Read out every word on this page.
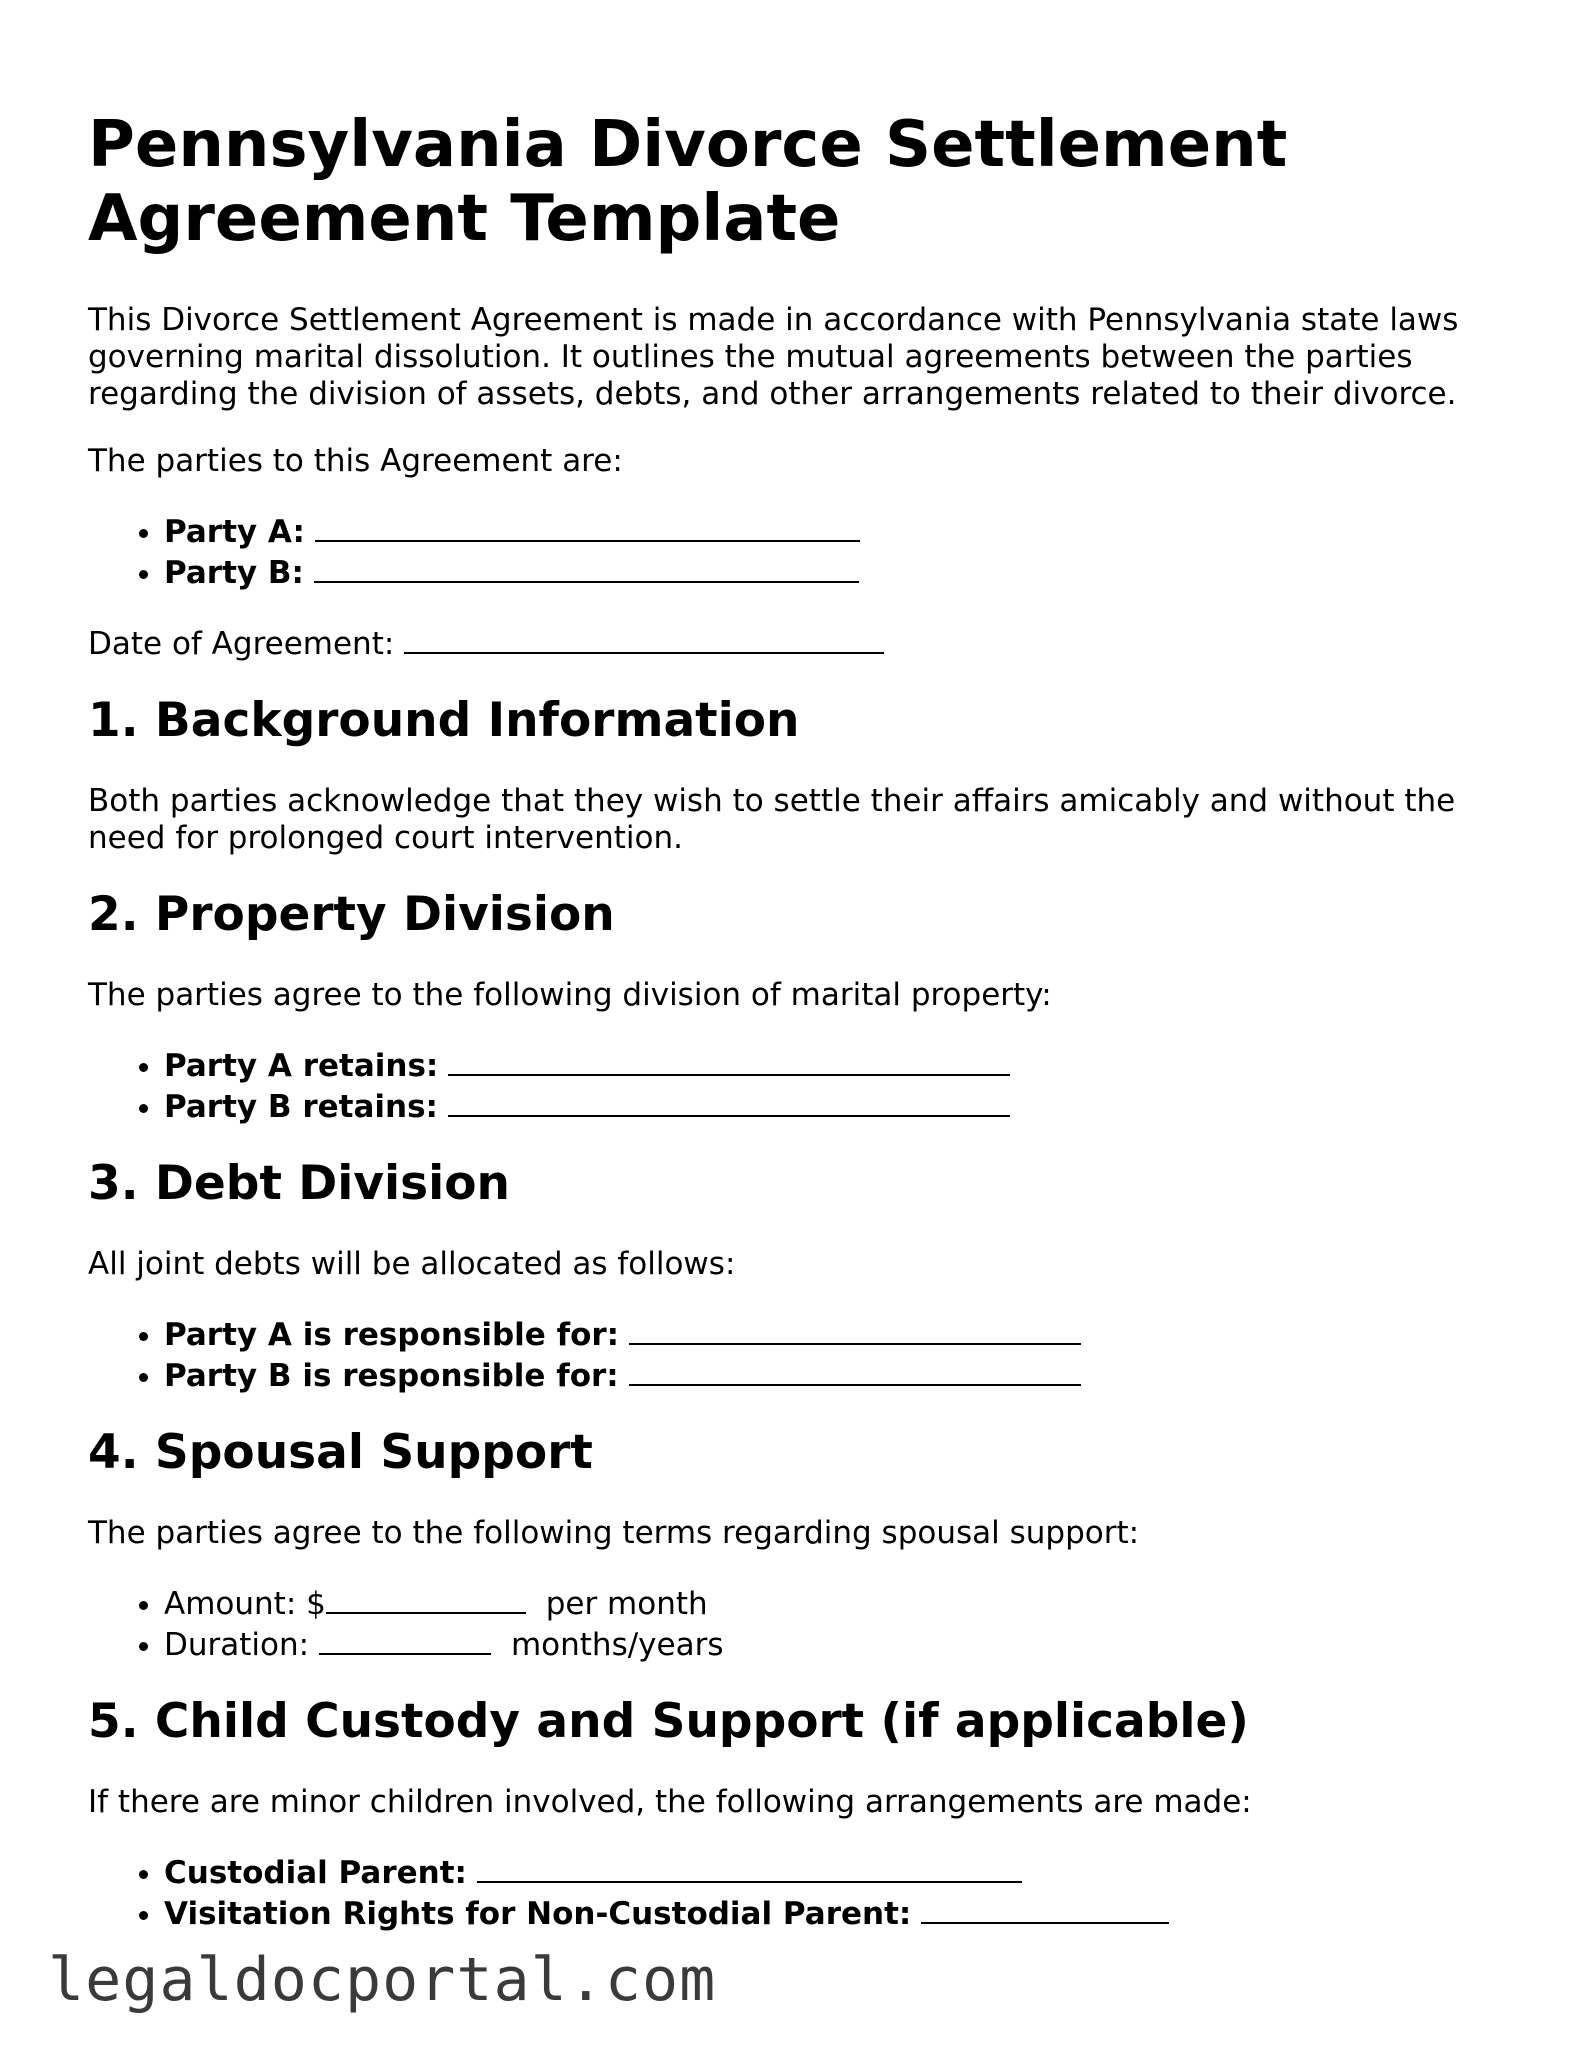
Pennsylvania Divorce Settlement Agreement Template

This Divorce Settlement Agreement is made in accordance with Pennsylvania state laws governing marital dissolution. It outlines the mutual agreements between the parties regarding the division of assets, debts, and other arrangements related to their divorce.

The parties to this Agreement are:

• Party A:
• Party B:

Date of Agreement:

1. Background Information

Both parties acknowledge that they wish to settle their affairs amicably and without the need for prolonged court intervention.

2. Property Division

The parties agree to the following division of marital property:

• Party A retains:
• Party B retains:
3. Debt Division

All joint debts will be allocated as follows:

• Party A is responsible for:
• Party B is responsible for:
4. Spousal Support

The parties agree to the following terms regarding spousal support:

• Amount: $	per month
• Duration:	months/years
5. Child Custody and Support (if applicable)

If there are minor children involved, the following arrangements are made:

• Custodial Parent:
• Visitation Rights for Non-Custodial Parent:
legaldocportal.com
